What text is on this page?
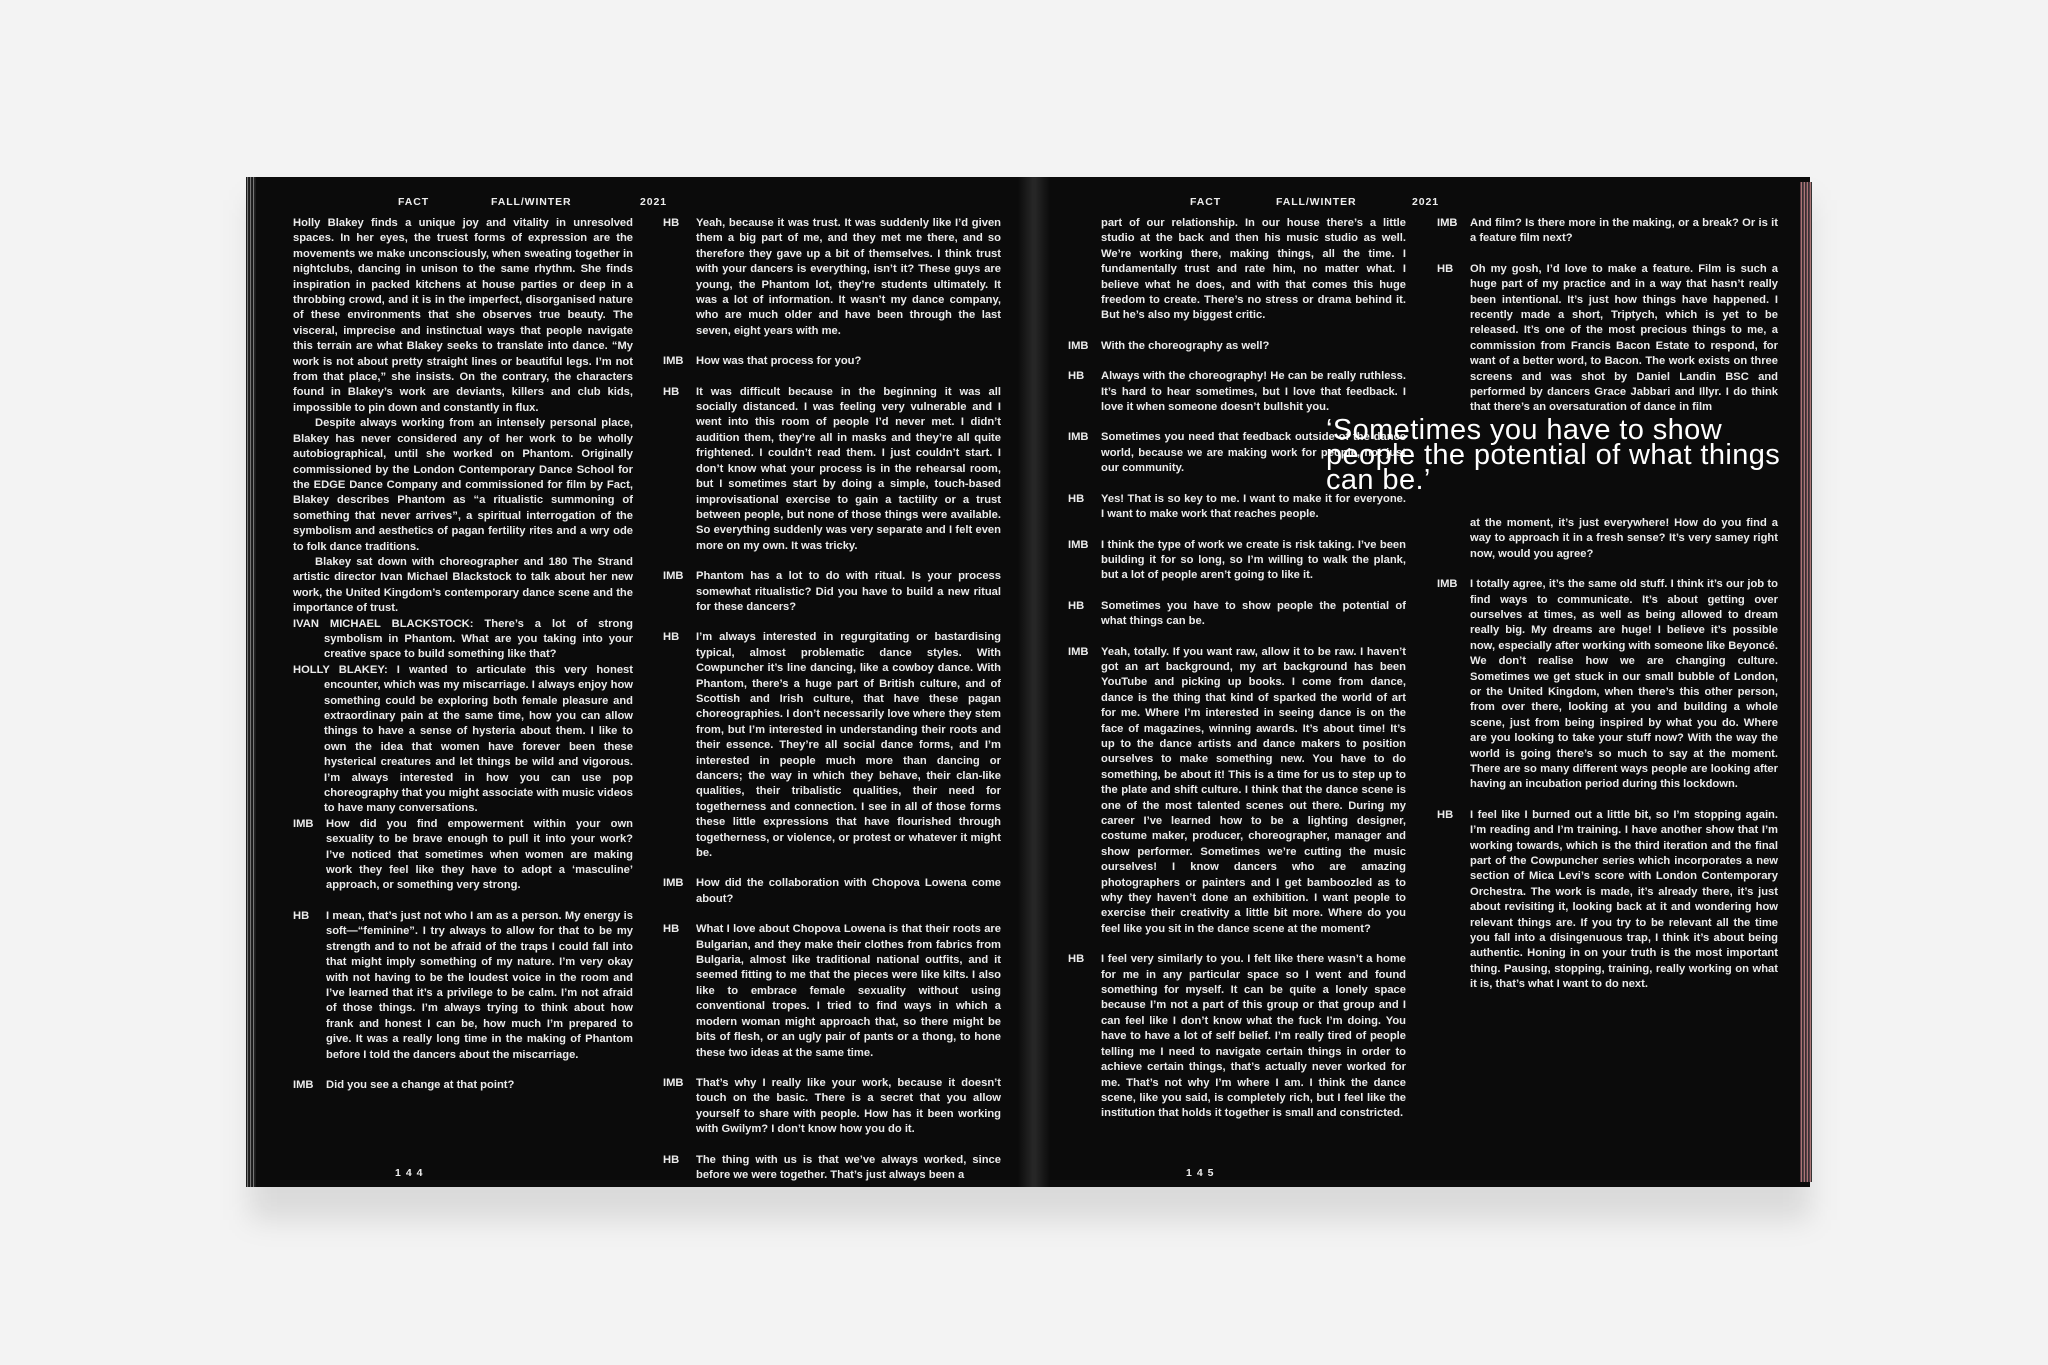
FACT	FALL/WINTER	2021

Holly Blakey finds a unique joy and vitality in unresolved spaces. In her eyes, the truest forms of expression are the movements we make unconsciously, when sweating together in nightclubs, dancing in unison to the same rhythm. She finds inspiration in packed kitchens at house parties or deep in a throbbing crowd, and it is in the imperfect, disorganised nature of these environments that she observes true beauty. The visceral, imprecise and instinctual ways that people navigate this terrain are what Blakey seeks to translate into dance. “My work is not about pretty straight lines or beautiful legs. I’m not from that place,” she insists. On the contrary, the characters found in Blakey’s work are deviants, killers and club kids, impossible to pin down and constantly in flux.

Despite always working from an intensely personal place, Blakey has never considered any of her work to be wholly autobiographical, until she worked on Phantom. Originally commissioned by the London Contemporary Dance School for the EDGE Dance Company and commissioned for film by Fact, Blakey describes Phantom as “a ritualistic summoning of something that never arrives”, a spiritual interrogation of the symbolism and aesthetics of pagan fertility rites and a wry ode to folk dance traditions.

Blakey sat down with choreographer and 180 The Strand artistic director Ivan Michael Blackstock to talk about her new work, the United Kingdom’s contemporary dance scene and the importance of trust.

IVAN MICHAEL BLACKSTOCK: There’s a lot of strong symbolism in Phantom. What are you taking into your creative space to build something like that?

HOLLY BLAKEY: I wanted to articulate this very honest encounter, which was my miscarriage. I always enjoy how something could be exploring both female pleasure and extraordinary pain at the same time, how you can allow things to have a sense of hysteria about them. I like to own the idea that women have forever been these hysterical creatures and let things be wild and vigorous. I’m always interested in how you can use pop choreography that you might associate with music videos to have many conversations.

IMB	How did you find empowerment within your own sexuality to be brave enough to pull it into your work? I’ve noticed that sometimes when women are making work they feel like they have to adopt a ‘masculine’ approach, or something very strong.
HB	I mean, that’s just not who I am as a person. My energy is soft—“feminine”. I try always to allow for that to be my strength and to not be afraid of the traps I could fall into that might imply something of my nature. I’m very okay with not having to be the loudest voice in the room and I’ve learned that it’s a privilege to be calm. I’m not afraid of those things. I’m always trying to think about how frank and honest I can be, how much I’m prepared to give. It was a really long time in the making of Phantom before I told the dancers about the miscarriage.
IMB	Did you see a change at that point?
HB	Yeah, because it was trust. It was suddenly like I’d given them a big part of me, and they met me there, and so therefore they gave up a bit of themselves. I think trust with your dancers is everything, isn’t it? These guys are young, the Phantom lot, they’re students ultimately. It was a lot of information. It wasn’t my dance company, who are much older and have been through the last seven, eight years with me.
IMB	How was that process for you?
HB	It was difficult because in the beginning it was all socially distanced. I was feeling very vulnerable and I went into this room of people I’d never met. I didn’t audition them, they’re all in masks and they’re all quite frightened. I couldn’t read them. I just couldn’t start. I don’t know what your process is in the rehearsal room, but I sometimes start by doing a simple, touch-based improvisational exercise to gain a tactility or a trust between people, but none of those things were available. So everything suddenly was very separate and I felt even more on my own. It was tricky.
IMB	Phantom has a lot to do with ritual. Is your process somewhat ritualistic? Did you have to build a new ritual for these dancers?
HB	I’m always interested in regurgitating or bastardising typical, almost problematic dance styles. With Cowpuncher it’s line dancing, like a cowboy dance. With Phantom, there’s a huge part of British culture, and of Scottish and Irish culture, that have these pagan choreographies. I don’t necessarily love where they stem from, but I’m interested in understanding their roots and their essence. They’re all social dance forms, and I’m interested in people much more than dancing or dancers; the way in which they behave, their clan-like qualities, their tribalistic qualities, their need for togetherness and connection. I see in all of those forms these little expressions that have flourished through togetherness, or violence, or protest or whatever it might be.
IMB	How did the collaboration with Chopova Lowena come about?
HB	What I love about Chopova Lowena is that their roots are Bulgarian, and they make their clothes from fabrics from Bulgaria, almost like traditional national outfits, and it seemed fitting to me that the pieces were like kilts. I also like to embrace female sexuality without using conventional tropes. I tried to find ways in which a modern woman might approach that, so there might be bits of flesh, or an ugly pair of pants or a thong, to hone these two ideas at the same time.
IMB	That’s why I really like your work, because it doesn’t touch on the basic. There is a secret that you allow yourself to share with people. How has it been working with Gwilym? I don’t know how you do it.
HB	The thing with us is that we’ve always worked, since before we were together. That’s just always been a
144
FACT	FALL/WINTER	2021
part of our relationship. In our house there’s a little studio at the back and then his music studio as well. We’re working there, making things, all the time. I fundamentally trust and rate him, no matter what. I believe what he does, and with that comes this huge freedom to create. There’s no stress or drama behind it. But he’s also my biggest critic.
IMB	With the choreography as well?
HB	Always with the choreography! He can be really ruthless. It’s hard to hear sometimes, but I love that feedback. I love it when someone doesn’t bullshit you.
IMB	Sometimes you need that feedback outside of the dance world, because we are making work for people, not just our community.
HB	Yes! That is so key to me. I want to make it for everyone. I want to make work that reaches people.
IMB	I think the type of work we create is risk taking. I’ve been building it for so long, so I’m willing to walk the plank, but a lot of people aren’t going to like it.
HB	Sometimes you have to show people the potential of what things can be.
IMB	Yeah, totally. If you want raw, allow it to be raw. I haven’t got an art background, my art background has been YouTube and picking up books. I come from dance, dance is the thing that kind of sparked the world of art for me. Where I’m interested in seeing dance is on the face of magazines, winning awards. It’s about time! It’s up to the dance artists and dance makers to position ourselves to make something new. You have to do something, be about it! This is a time for us to step up to the plate and shift culture. I think that the dance scene is one of the most talented scenes out there. During my career I’ve learned how to be a lighting designer, costume maker, producer, choreographer, manager and show performer. Sometimes we’re cutting the music ourselves! I know dancers who are amazing photographers or painters and I get bamboozled as to why they haven’t done an exhibition. I want people to exercise their creativity a little bit more. Where do you feel like you sit in the dance scene at the moment?
HB	I feel very similarly to you. I felt like there wasn’t a home for me in any particular space so I went and found something for myself. It can be quite a lonely space because I’m not a part of this group or that group and I can feel like I don’t know what the fuck I’m doing. You have to have a lot of self belief. I’m really tired of people telling me I need to navigate certain things in order to achieve certain things, that’s actually never worked for me. That’s not why I’m where I am. I think the dance scene, like you said, is completely rich, but I feel like the institution that holds it together is small and constricted.
IMB	And film? Is there more in the making, or a break? Or is it a feature film next?
HB	Oh my gosh, I’d love to make a feature. Film is such a huge part of my practice and in a way that hasn’t really been intentional. It’s just how things have happened. I recently made a short, Triptych, which is yet to be released. It’s one of the most precious things to me, a commission from Francis Bacon Estate to respond, for want of a better word, to Bacon. The work exists on three screens and was shot by Daniel Landin BSC and performed by dancers Grace Jabbari and Illyr. I do think that there’s an oversaturation of dance in film
at the moment, it’s just everywhere! How do you find a way to approach it in a fresh sense? It’s very samey right now, would you agree?
IMB	I totally agree, it’s the same old stuff. I think it’s our job to find ways to communicate. It’s about getting over ourselves at times, as well as being allowed to dream really big. My dreams are huge! I believe it’s possible now, especially after working with someone like Beyoncé. We don’t realise how we are changing culture. Sometimes we get stuck in our small bubble of London, or the United Kingdom, when there’s this other person, from over there, looking at you and building a whole scene, just from being inspired by what you do. Where are you looking to take your stuff now? With the way the world is going there’s so much to say at the moment. There are so many different ways people are looking after having an incubation period during this lockdown.
HB	I feel like I burned out a little bit, so I’m stopping again. I’m reading and I’m training. I have another show that I’m working towards, which is the third iteration and the final part of the Cowpuncher series which incorporates a new section of Mica Levi’s score with London Contemporary Orchestra. The work is made, it’s already there, it’s just about revisiting it, looking back at it and wondering how relevant things are. If you try to be relevant all the time you fall into a disingenuous trap, I think it’s about being authentic. Honing in on your truth is the most important thing. Pausing, stopping, training, really working on what it is, that’s what I want to do next.
‘Sometimes you have to show people the potential of what things can be.’
145
